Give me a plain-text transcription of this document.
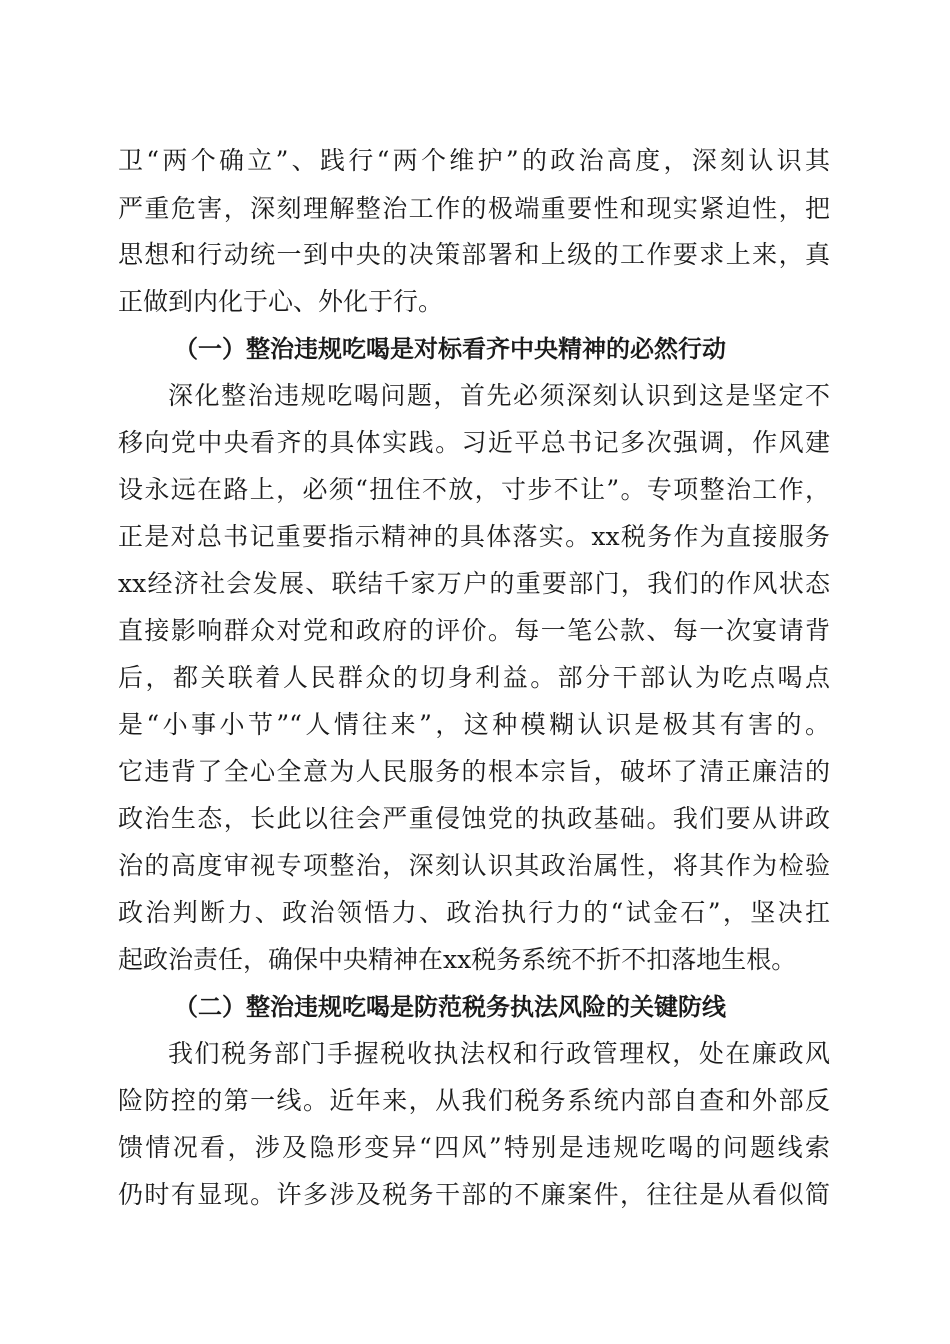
卫“两个确立”、践行“两个维护”的政治高度，深刻认识其
严重危害，深刻理解整治工作的极端重要性和现实紧迫性，把
思想和行动统一到中央的决策部署和上级的工作要求上来，真
正做到内化于心、外化于行。
（一）整治违规吃喝是对标看齐中央精神的必然行动
深化整治违规吃喝问题，首先必须深刻认识到这是坚定不
移向党中央看齐的具体实践。习近平总书记多次强调，作风建
设永远在路上，必须“扭住不放，寸步不让”。专项整治工作，
正是对总书记重要指示精神的具体落实。xx税务作为直接服务
xx经济社会发展、联结千家万户的重要部门，我们的作风状态
直接影响群众对党和政府的评价。每一笔公款、每一次宴请背
后，都关联着人民群众的切身利益。部分干部认为吃点喝点
是“小事小节”“人情往来”，这种模糊认识是极其有害的。
它违背了全心全意为人民服务的根本宗旨，破坏了清正廉洁的
政治生态，长此以往会严重侵蚀党的执政基础。我们要从讲政
治的高度审视专项整治，深刻认识其政治属性，将其作为检验
政治判断力、政治领悟力、政治执行力的“试金石”，坚决扛
起政治责任，确保中央精神在xx税务系统不折不扣落地生根。
（二）整治违规吃喝是防范税务执法风险的关键防线
我们税务部门手握税收执法权和行政管理权，处在廉政风
险防控的第一线。近年来，从我们税务系统内部自查和外部反
馈情况看，涉及隐形变异“四风”特别是违规吃喝的问题线索
仍时有显现。许多涉及税务干部的不廉案件，往往是从看似简
